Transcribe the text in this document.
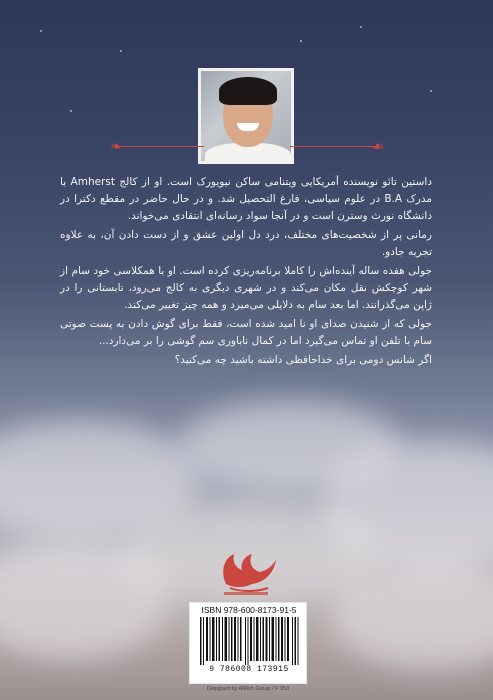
❧	☙

داستین تائو نویسنده آمریکایی ویتنامی ساکن نیویورک است. او از کالج Amherst با مدرک B.A در علوم سیاسی، فارغ التحصیل شد. و در حال حاضر در مقطع دکترا در دانشگاه نورث وسترن است و در آنجا سواد رسانه‌ای انتقادی می‌خواند.

رمانی پر از شخصیت‌های مختلف، درد دل اولین عشق و از دست دادن آن، به علاوه تجربه جادو.

جولی هفده ساله آینده‌اش را کاملا برنامه‌ریزی کرده است. او با همکلاسی خود سام از شهر کوچکش نقل مکان می‌کند و در شهری دیگری به کالج می‌رود، تابستانی را در ژاپن می‌گذرانند. اما بعد سام به دلایلی می‌میرد و همه چیز تغییر می‌کند.

جولی که از شنیدن صدای او نا امید شده است، فقط برای گوش دادن به پست صوتی سام با تلفن او تماس می‌گیرد اما در کمال ناباوری سم گوشی را بر می‌دارد...

اگر شانس دومی برای خداحافظی داشته باشید چه می‌کنید؟

ISBN 978-600-8173-91-5
9 786008 173915
Designed by AMich Group / F 953
